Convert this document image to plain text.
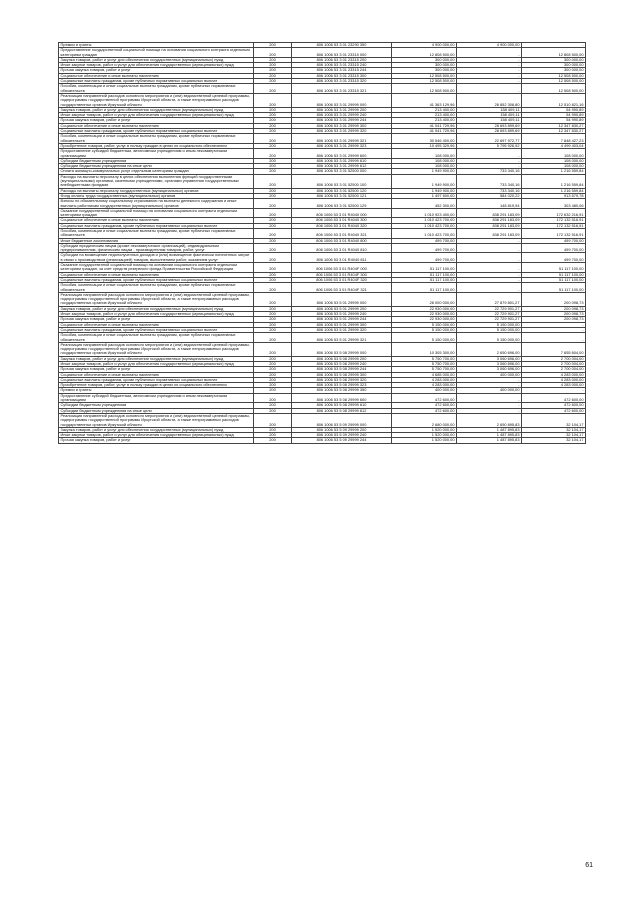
Премии и гранты	200	806 1006 53 3 01 23290 350	4 900 000,00	4 900 000,00	-
Предоставление государственной социальной помощи на основании социального контракта отдельным категориям граждан	200	806 1006 53 3 01 23315 000	12 808 500,00	-	12 808 500,00
Закупка товаров, работ и услуг для обеспечения государственных (муниципальных) нужд	200	806 1006 53 3 01 23315 200	300 000,00	-	300 000,00
Иные закупки товаров, работ и услуг для обеспечения государственных (муниципальных) нужд	200	806 1006 53 3 01 23315 240	300 000,00	-	300 000,00
Прочая закупка товаров, работ и услуг	200	806 1006 53 3 01 23315 244	300 000,00	-	300 000,00
Социальное обеспечение и иные выплаты населению	200	806 1006 53 3 01 23315 300	12 508 500,00	-	12 508 500,00
Социальные выплаты гражданам, кроме публичных нормативных социальных выплат	200	806 1006 53 3 01 23315 320	12 508 500,00	-	12 508 500,00
Пособия, компенсации и иные социальные выплаты гражданам, кроме публичных нормативных обязательств	200	806 1006 53 3 01 23315 321	12 508 500,00	-	12 508 500,00
Реализация направлений расходов основного мероприятия и (или) ведомственной целевой программы, подпрограммы государственной программы Иркутской области, а также непрограммных расходов государственных органов Иркутской области	200	806 1006 53 3 01 29999 000	41 363 129,96	28 852 308,80	12 510 821,16
Закупка товаров, работ и услуг для обеспечения государственных (муниципальных) нужд	200	806 1006 53 3 01 29999 200	213 400,00	158 409,11	54 990,89
Иные закупки товаров, работ и услуг для обеспечения государственных (муниципальных) нужд	200	806 1006 53 3 01 29999 240	213 400,00	158 409,11	54 990,89
Прочая закупка товаров, работ и услуг	200	806 1006 53 3 01 29999 244	213 400,00	158 409,11	54 990,89
Социальное обеспечение и иные выплаты населению	200	806 1006 53 3 01 29999 300	41 041 729,96	28 693 899,69	12 347 830,27
Социальные выплаты гражданам, кроме публичных нормативных социальных выплат	200	806 1006 53 3 01 29999 320	41 041 729,96	28 693 899,69	12 347 830,27
Пособия, компенсации и иные социальные выплаты гражданам, кроме публичных нормативных обязательств	200	806 1006 53 3 01 29999 321	30 546 400,00	22 697 972,77	7 848 427,23
Приобретение товаров, работ, услуг в пользу граждан в целях их социального обеспечения	200	806 1006 53 3 01 29999 323	10 495 329,96	5 795 926,92	4 499 403,04
Предоставление субсидий бюджетным, автономным учреждениям и иным некоммерческим организациям	200	806 1006 53 3 01 29999 600	108 000,00	-	108 000,00
Субсидии бюджетным учреждениям	200	806 1006 53 3 01 29999 610	108 000,00	-	108 000,00
Субсидии бюджетным учреждениям на иные цели	200	806 1006 53 3 01 29999 612	108 000,00	-	108 000,00
Оплата жилищно-коммунальных услуг отдельным категориям граждан	200	806 1006 53 3 01 52500 000	1 949 900,00	733 340,16	1 216 559,84
Расходы на выплаты персоналу в целях обеспечения выполнения функций государственными (муниципальными) органами, казенными учреждениями, органами управления государственными внебюджетными фондами	200	806 1006 53 3 01 52500 100	1 949 900,00	733 340,16	1 216 559,84
Расходы на выплаты персоналу государственных (муниципальных) органов	200	806 1006 53 3 01 52500 120	1 949 900,00	733 340,16	1 216 559,84
Фонд оплаты труда государственных (муниципальных) органов	200	806 1006 53 3 01 52500 121	1 497 600,00	584 020,22	913 579,78
Взносы по обязательному социальному страхованию на выплаты денежного содержания и иные выплаты работникам государственных (муниципальных) органов	200	806 1006 53 3 01 52500 129	452 300,00	148 819,94	303 480,06
Оказание государственной социальной помощи на основании социального контракта отдельным категориям граждан	200	806 1006 53 3 01 R4040 000	1 010 923 400,00	838 291 183,09	172 632 216,91
Социальное обеспечение и иные выплаты населению	200	806 1006 53 3 01 R4040 300	1 010 423 700,00	838 291 183,09	172 132 516,91
Социальные выплаты гражданам, кроме публичных нормативных социальных выплат	200	806 1006 53 3 01 R4040 320	1 010 423 700,00	838 291 183,09	172 132 516,91
Пособия, компенсации и иные социальные выплаты гражданам, кроме публичных нормативных обязательств	200	806 1006 53 3 01 R4040 321	1 010 423 700,00	838 291 183,09	172 132 516,91
Иные бюджетные ассигнования	200	806 1006 53 3 01 R4040 800	499 700,00	-	499 700,00
Субсидии юридическим лицам (кроме некоммерческих организаций), индивидуальным предпринимателям, физическим лицам - производителям товаров, работ, услуг	200	806 1006 53 3 01 R4040 810	499 700,00	-	499 700,00
Субсидии на возмещение недополученных доходов и (или) возмещение фактически понесенных затрат в связи с производством (реализацией) товаров, выполнением работ, оказанием услуг	200	806 1006 53 3 01 R4040 811	499 700,00	-	499 700,00
Оказание государственной социальной помощи на основании социального контракта отдельным категориям граждан, за счет средств резервного фонда Правительства Российской Федерации	200	806 1006 53 3 01 R404F 000	51 117 100,00	-	51 117 100,00
Социальное обеспечение и иные выплаты населению	200	806 1006 53 3 01 R404F 300	51 117 100,00	-	51 117 100,00
Социальные выплаты гражданам, кроме публичных нормативных социальных выплат	200	806 1006 53 3 01 R404F 320	51 117 100,00	-	51 117 100,00
Пособия, компенсации и иные социальные выплаты гражданам, кроме публичных нормативных обязательств	200	806 1006 53 3 01 R404F 321	51 117 100,00	-	51 117 100,00
Реализация направлений расходов основного мероприятия и (или) ведомственной целевой программы, подпрограммы государственной программы Иркутской области, а также непрограммных расходов государственных органов Иркутской области	200	806 1006 53 5 01 29999 000	28 000 000,00	27 879 801,27	200 098,73
Закупка товаров, работ и услуг для обеспечения государственных (муниципальных) нужд	200	806 1006 53 5 01 29999 200	22 930 000,00	22 729 901,27	200 098,73
Иные закупки товаров, работ и услуг для обеспечения государственных (муниципальных) нужд	200	806 1006 53 5 01 29999 240	22 930 000,00	22 729 901,27	200 098,73
Прочая закупка товаров, работ и услуг	200	806 1006 53 5 01 29999 244	22 930 000,00	22 729 901,27	200 098,73
Социальное обеспечение и иные выплаты населению	200	806 1006 53 5 01 29999 300	5 150 000,00	5 150 000,00	-
Социальные выплаты гражданам, кроме публичных нормативных социальных выплат	200	806 1006 53 5 01 29999 320	5 150 000,00	5 150 000,00	-
Пособия, компенсации и иные социальные выплаты гражданам, кроме публичных нормативных обязательств	200	806 1006 53 5 01 29999 321	5 150 000,00	5 150 000,00	-
Реализация направлений расходов основного мероприятия и (или) ведомственной целевой программы, подпрограммы государственной программы Иркутской области, а также непрограммных расходов государственных органов Иркутской области	200	806 1006 53 5 08 29999 000	10 305 300,00	2 650 696,00	7 655 604,00
Закупка товаров, работ и услуг для обеспечения государственных (муниципальных) нужд	200	806 1006 53 5 08 29999 200	5 750 700,00	3 060 696,00	2 700 004,00
Иные закупки товаров, работ и услуг для обеспечения государственных (муниципальных) нужд	200	806 1006 53 5 08 29999 240	5 750 700,00	3 060 696,00	2 700 004,00
Прочая закупка товаров, работ и услуг	200	806 1006 53 5 08 29999 244	5 750 700,00	3 060 696,00	2 700 004,00
Социальное обеспечение и иные выплаты населению	200	806 1006 53 5 08 29999 300	4 685 000,00	400 000,00	4 283 000,00
Социальные выплаты гражданам, кроме публичных нормативных социальных выплат	200	806 1006 53 5 08 29999 320	4 283 000,00	-	4 283 000,00
Приобретение товаров, работ, услуг в пользу граждан в целях их социального обеспечения	200	806 1006 53 5 08 29999 323	4 283 000,00	-	4 283 000,00
Премии и гранты	200	806 1006 53 5 08 29999 350	400 000,00	400 000,00	-
Предоставление субсидий бюджетным, автономным учреждениям и иным некоммерческим организациям	200	806 1006 53 5 08 29999 600	472 600,00	-	472 600,00
Субсидии бюджетным учреждениям	200	806 1006 53 5 08 29999 610	472 600,00	-	472 600,00
Субсидии бюджетным учреждениям на иные цели	200	806 1006 53 5 08 29999 612	472 600,00	-	472 600,00
Реализация направлений расходов основного мероприятия и (или) ведомственной целевой программы, подпрограммы государственной программы Иркутской области, а также непрограммных расходов государственных органов Иркутской области	200	806 1006 53 5 09 29999 000	2 680 000,00	2 650 895,83	32 104,17
Закупка товаров, работ и услуг для обеспечения государственных (муниципальных) нужд	200	806 1006 53 5 09 29999 200	1 520 000,00	1 487 895,83	32 104,17
Иные закупки товаров, работ и услуг для обеспечения государственных (муниципальных) нужд	200	806 1006 53 5 09 29999 240	1 520 000,00	1 487 895,83	32 104,17
Прочая закупка товаров, работ и услуг	200	806 1006 53 5 09 29999 244	1 520 000,00	1 487 895,83	32 104,17
61
